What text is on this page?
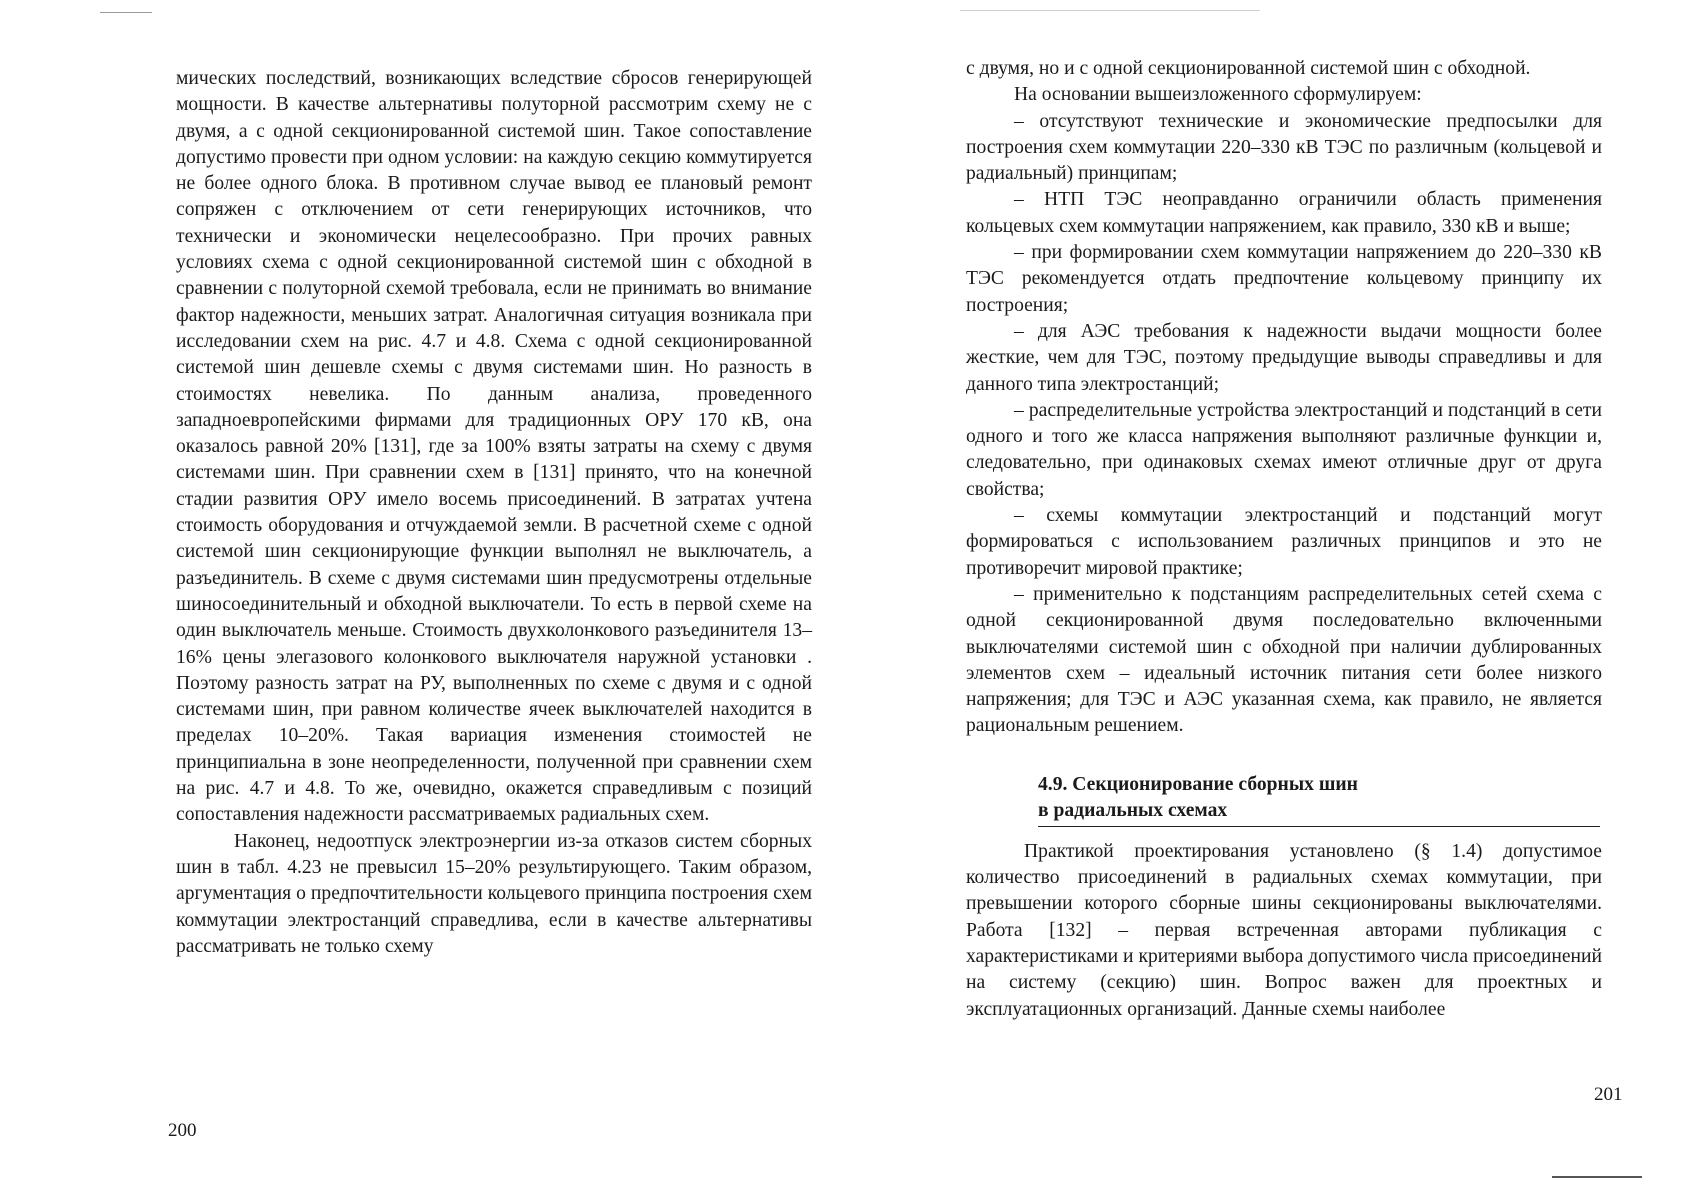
мических последствий, возникающих вследствие сбросов генерирующей мощности. В качестве альтернативы полуторной рассмотрим схему не с двумя, а с одной секционированной системой шин. Такое сопоставление допустимо провести при одном условии: на каждую секцию коммутируется не более одного блока. В противном случае вывод ее плановый ремонт сопряжен с отключением от сети генерирующих источников, что технически и экономически нецелесообразно. При прочих равных условиях схема с одной секционированной системой шин с обходной в сравнении с полуторной схемой требовала, если не принимать во внимание фактор надежности, меньших затрат. Аналогичная ситуация возникала при исследовании схем на рис. 4.7 и 4.8. Схема с одной секционированной системой шин дешевле схемы с двумя системами шин. Но разность в стоимостях невелика. По данным анализа, проведенного западноевропейскими фирмами для традиционных ОРУ 170 кВ, она оказалось равной 20% [131], где за 100% взяты затраты на схему с двумя системами шин. При сравнении схем в [131] принято, что на конечной стадии развития ОРУ имело восемь присоединений. В затратах учтена стоимость оборудования и отчуждаемой земли. В расчетной схеме с одной системой шин секционирующие функции выполнял не выключатель, а разъединитель. В схеме с двумя системами шин предусмотрены отдельные шиносоединительный и обходной выключатели. То есть в первой схеме на один выключатель меньше. Стоимость двухколонкового разъединителя 13–16% цены элегазового колонкового выключателя наружной установки . Поэтому разность затрат на РУ, выполненных по схеме с двумя и с одной системами шин, при равном количестве ячеек выключателей находится в пределах 10–20%. Такая вариация изменения стоимостей не принципиальна в зоне неопределенности, полученной при сравнении схем на рис. 4.7 и 4.8. То же, очевидно, окажется справедливым с позиций сопоставления надежности рассматриваемых радиальных схем.

Наконец, недоотпуск электроэнергии из-за отказов систем сборных шин в табл. 4.23 не превысил 15–20% результирующего. Таким образом, аргументация о предпочтительности кольцевого принципа построения схем коммутации электростанций справедлива, если в качестве альтернативы рассматривать не только схему

200

с двумя, но и с одной секционированной системой шин с обходной.

На основании вышеизложенного сформулируем:

– отсутствуют технические и экономические предпосылки для построения схем коммутации 220–330 кВ ТЭС по различным (кольцевой и радиальный) принципам;

– НТП ТЭС неоправданно ограничили область применения кольцевых схем коммутации напряжением, как правило, 330 кВ и выше;

– при формировании схем коммутации напряжением до 220–330 кВ ТЭС рекомендуется отдать предпочтение кольцевому принципу их построения;

– для АЭС требования к надежности выдачи мощности более жесткие, чем для ТЭС, поэтому предыдущие выводы справедливы и для данного типа электростанций;

– распределительные устройства электростанций и подстанций в сети одного и того же класса напряжения выполняют различные функции и, следовательно, при одинаковых схемах имеют отличные друг от друга свойства;

– схемы коммутации электростанций и подстанций могут формироваться с использованием различных принципов и это не противоречит мировой практике;

– применительно к подстанциям распределительных сетей схема с одной секционированной двумя последовательно включенными выключателями системой шин с обходной при наличии дублированных элементов схем – идеальный источник питания сети более низкого напряжения; для ТЭС и АЭС указанная схема, как правило, не является рациональным решением.

4.9. Секционирование сборных шин
в радиальных схемах

Практикой проектирования установлено (§ 1.4) допустимое количество присоединений в радиальных схемах коммутации, при превышении которого сборные шины секционированы выключателями. Работа [132] – первая встреченная авторами публикация с характеристиками и критериями выбора допустимого числа присоединений на систему (секцию) шин. Вопрос важен для проектных и эксплуатационных организаций. Данные схемы наиболее

201
